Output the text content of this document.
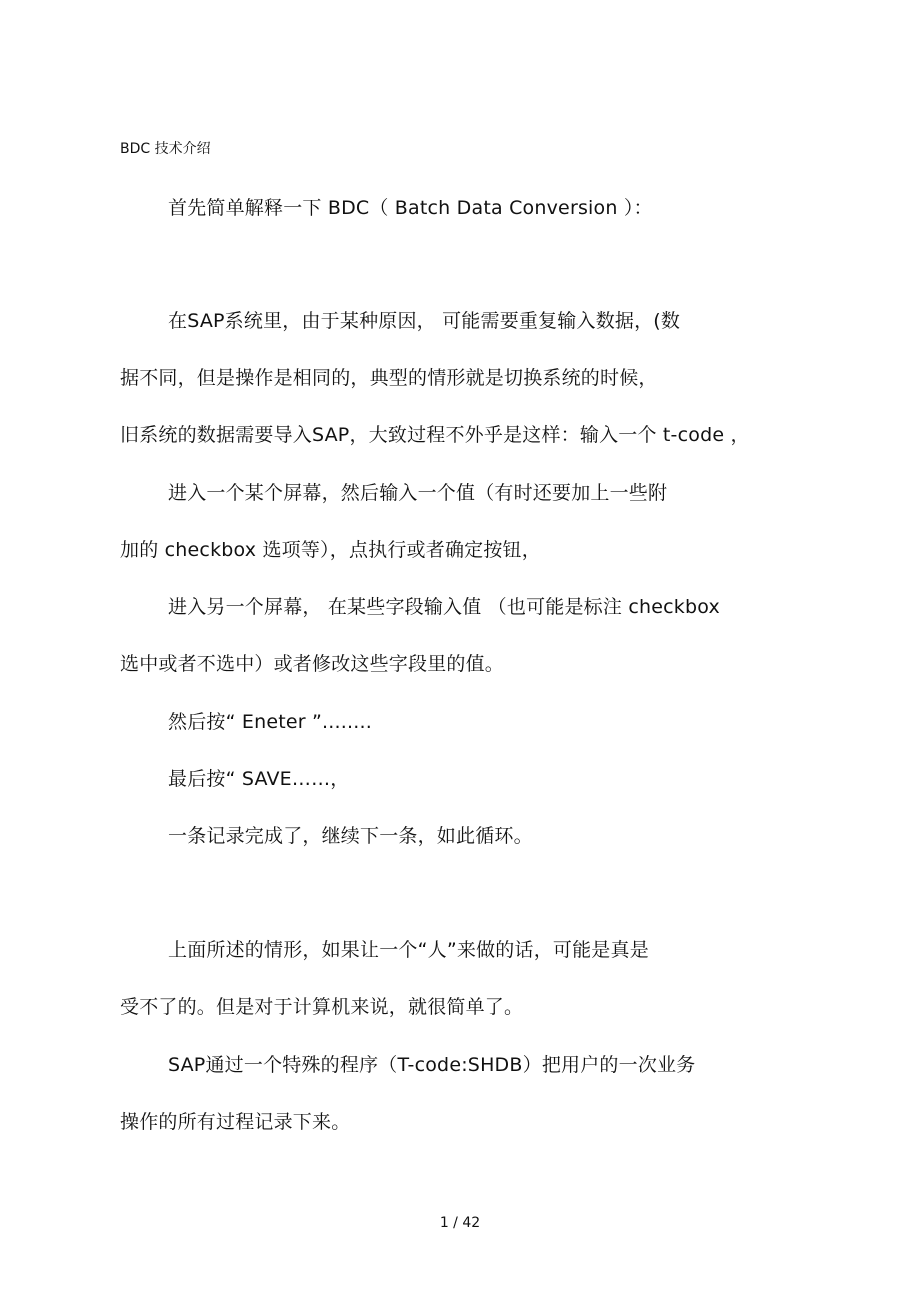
BDC 技术介绍
首先简单解释一下 BDC（ Batch Data Conversion ）：
在SAP系统里，由于某种原因， 可能需要重复输入数据，(数
据不同，但是操作是相同的，典型的情形就是切换系统的时候，
旧系统的数据需要导入SAP，大致过程不外乎是这样：输入一个 t-code ，
进入一个某个屏幕，然后输入一个值（有时还要加上一些附
加的 checkbox 选项等），点执行或者确定按钮，
进入另一个屏幕， 在某些字段输入值 （也可能是标注 checkbox
选中或者不选中）或者修改这些字段里的值。
然后按“ Eneter ”........
最后按“ SAVE……，
一条记录完成了，继续下一条，如此循环。
上面所述的情形，如果让一个“人”来做的话，可能是真是
受不了的。但是对于计算机来说，就很简单了。
SAP通过一个特殊的程序（T-code:SHDB）把用户的一次业务
操作的所有过程记录下来。
1 / 42
